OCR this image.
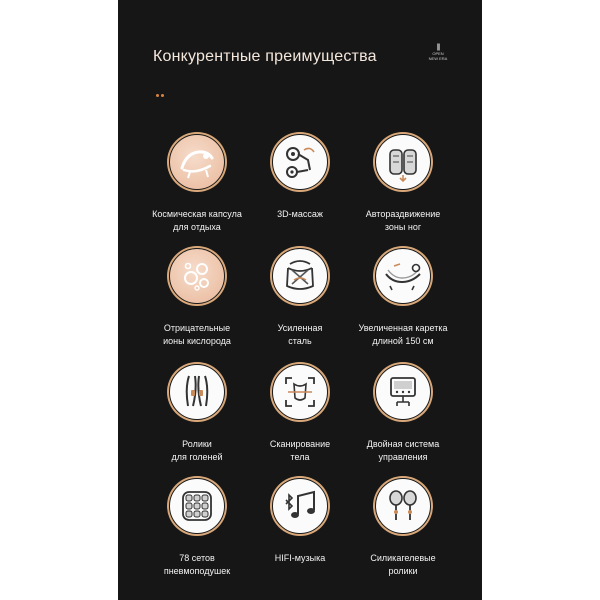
Конкурентные преимущества
|||
OPEN
NEW ERA
Космическая капсула
для отдыха
3D-массаж	Автораздвижение
зоны ног
Отрицательные
ионы кислорода
Усиленная
сталь
Увеличенная каретка
длиной 150 см
Ролики
для голеней
Сканирование
тела
Двойная система
управления
78 сетов
пневмоподушек
HIFI-музыка	Силикагелевые
ролики
